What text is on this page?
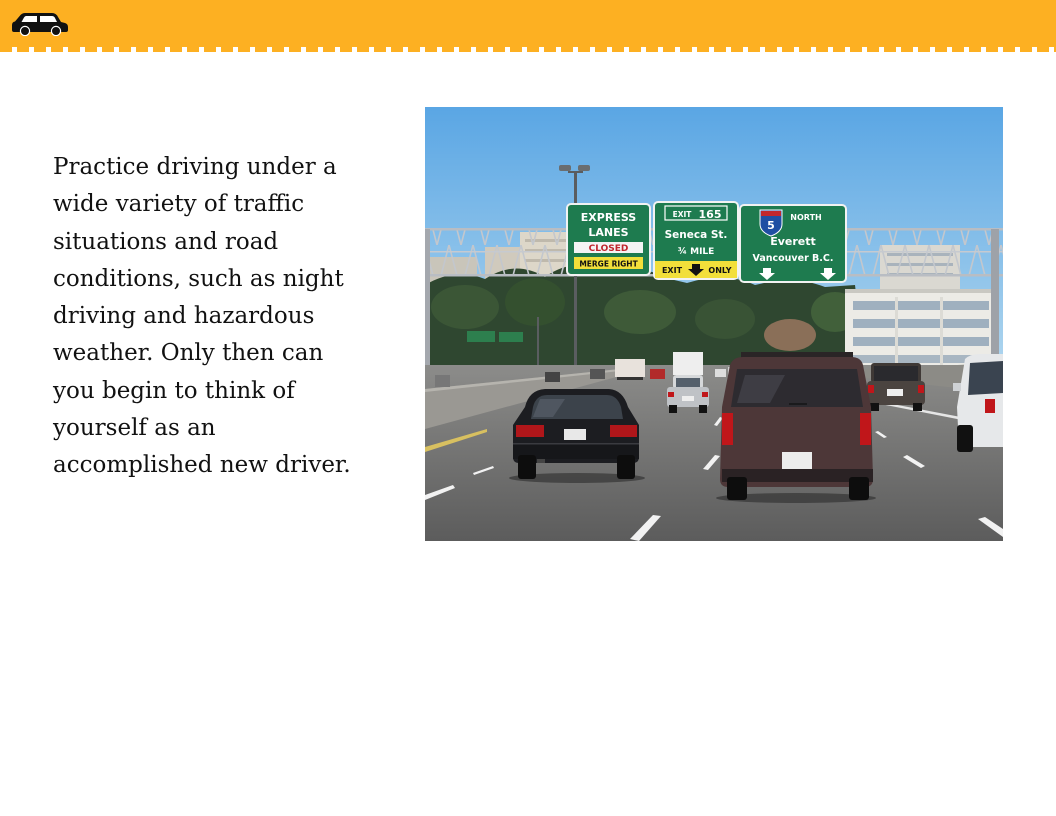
Practice driving under a
wide variety of traffic
situations and road
conditions, such as night
driving and hazardous
weather. Only then can
you begin to think of
yourself as an
accomplished new driver.
EXPRESS
LANES
CLOSED
MERGE RIGHT
EXIT 165
Seneca St.
¾ MILE
EXIT	ONLY
5
NORTH
Everett
Vancouver B.C.
